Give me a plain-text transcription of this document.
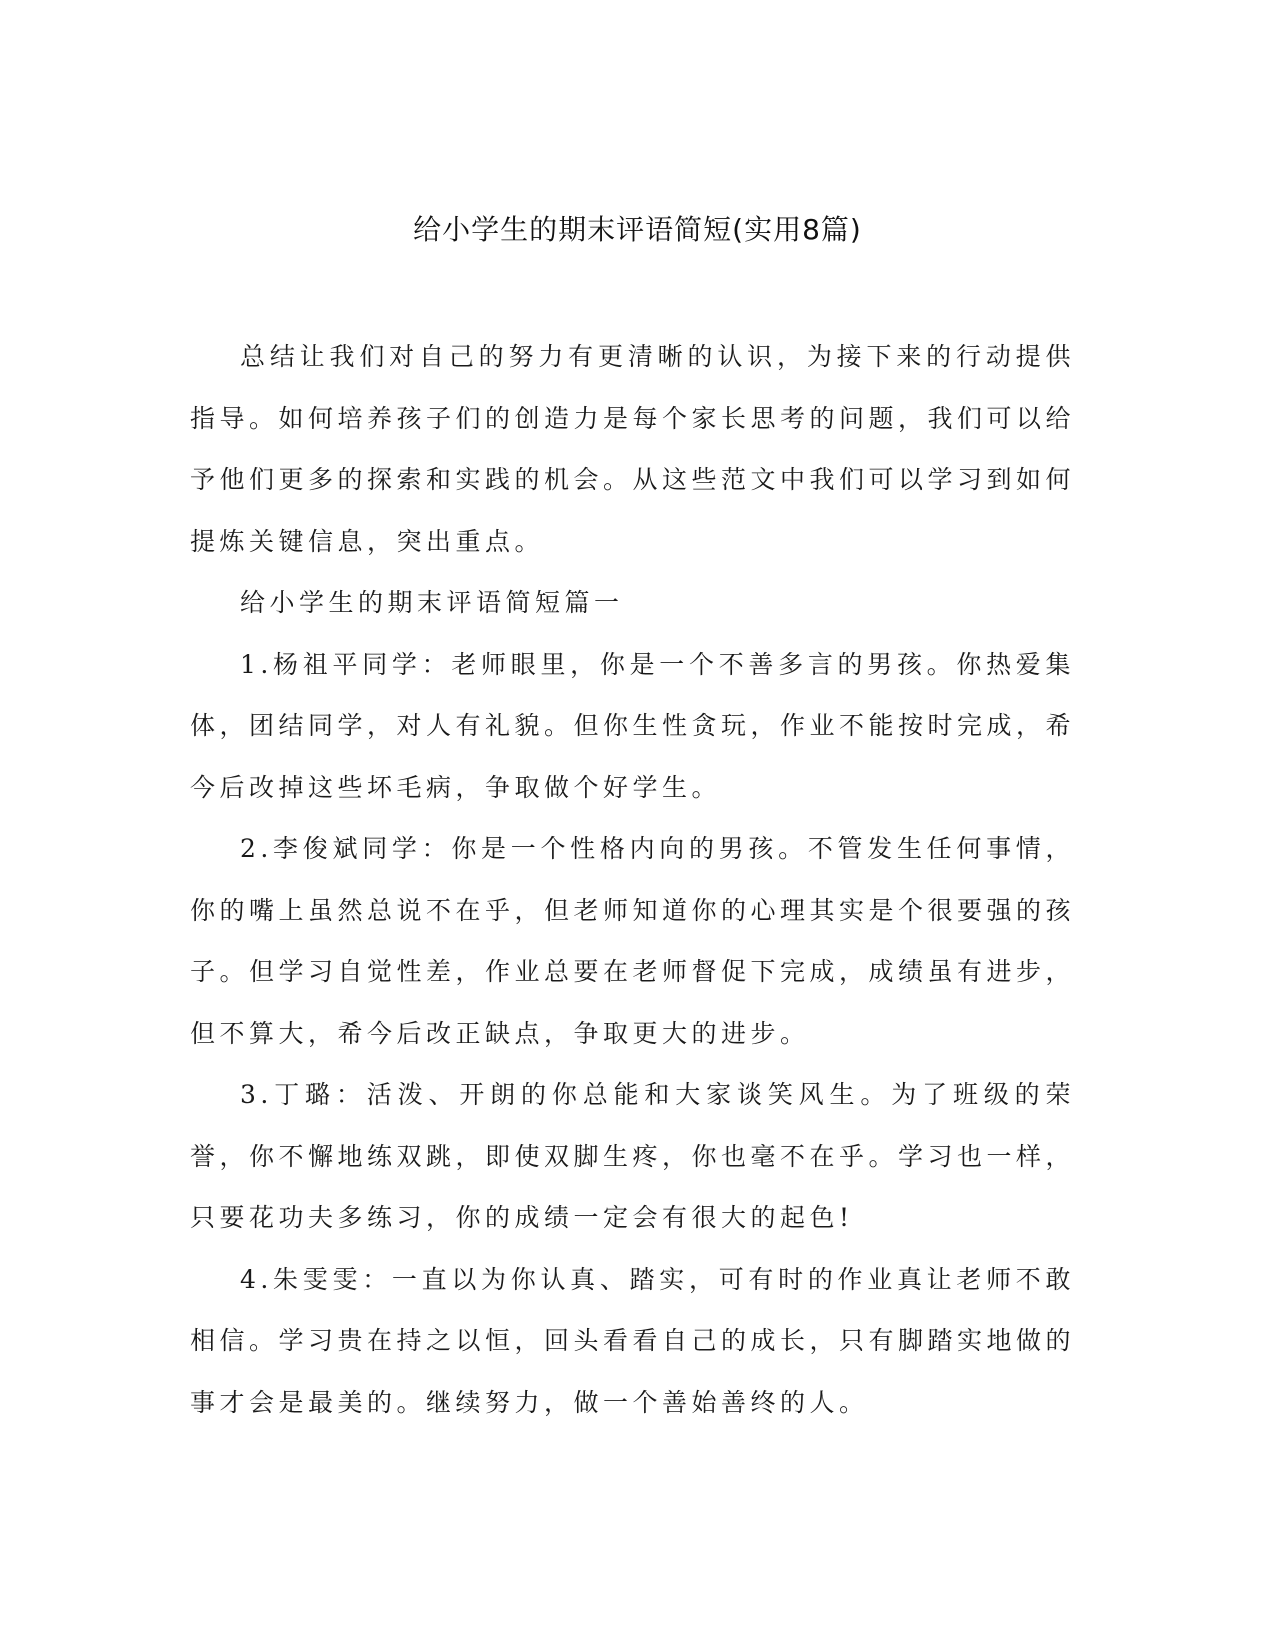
给小学生的期末评语简短(实用8篇)

总结让我们对自己的努力有更清晰的认识，为接下来的行动提供指导。如何培养孩子们的创造力是每个家长思考的问题，我们可以给予他们更多的探索和实践的机会。从这些范文中我们可以学习到如何提炼关键信息，突出重点。

给小学生的期末评语简短篇一

1.杨祖平同学：老师眼里，你是一个不善多言的男孩。你热爱集体，团结同学，对人有礼貌。但你生性贪玩，作业不能按时完成，希今后改掉这些坏毛病，争取做个好学生。

2.李俊斌同学：你是一个性格内向的男孩。不管发生任何事情，你的嘴上虽然总说不在乎，但老师知道你的心理其实是个很要强的孩子。但学习自觉性差，作业总要在老师督促下完成，成绩虽有进步，但不算大，希今后改正缺点，争取更大的进步。

3.丁璐：活泼、开朗的你总能和大家谈笑风生。为了班级的荣誉，你不懈地练双跳，即使双脚生疼，你也毫不在乎。学习也一样，只要花功夫多练习，你的成绩一定会有很大的起色!

4.朱雯雯：一直以为你认真、踏实，可有时的作业真让老师不敢相信。学习贵在持之以恒，回头看看自己的成长，只有脚踏实地做的事才会是最美的。继续努力，做一个善始善终的人。
